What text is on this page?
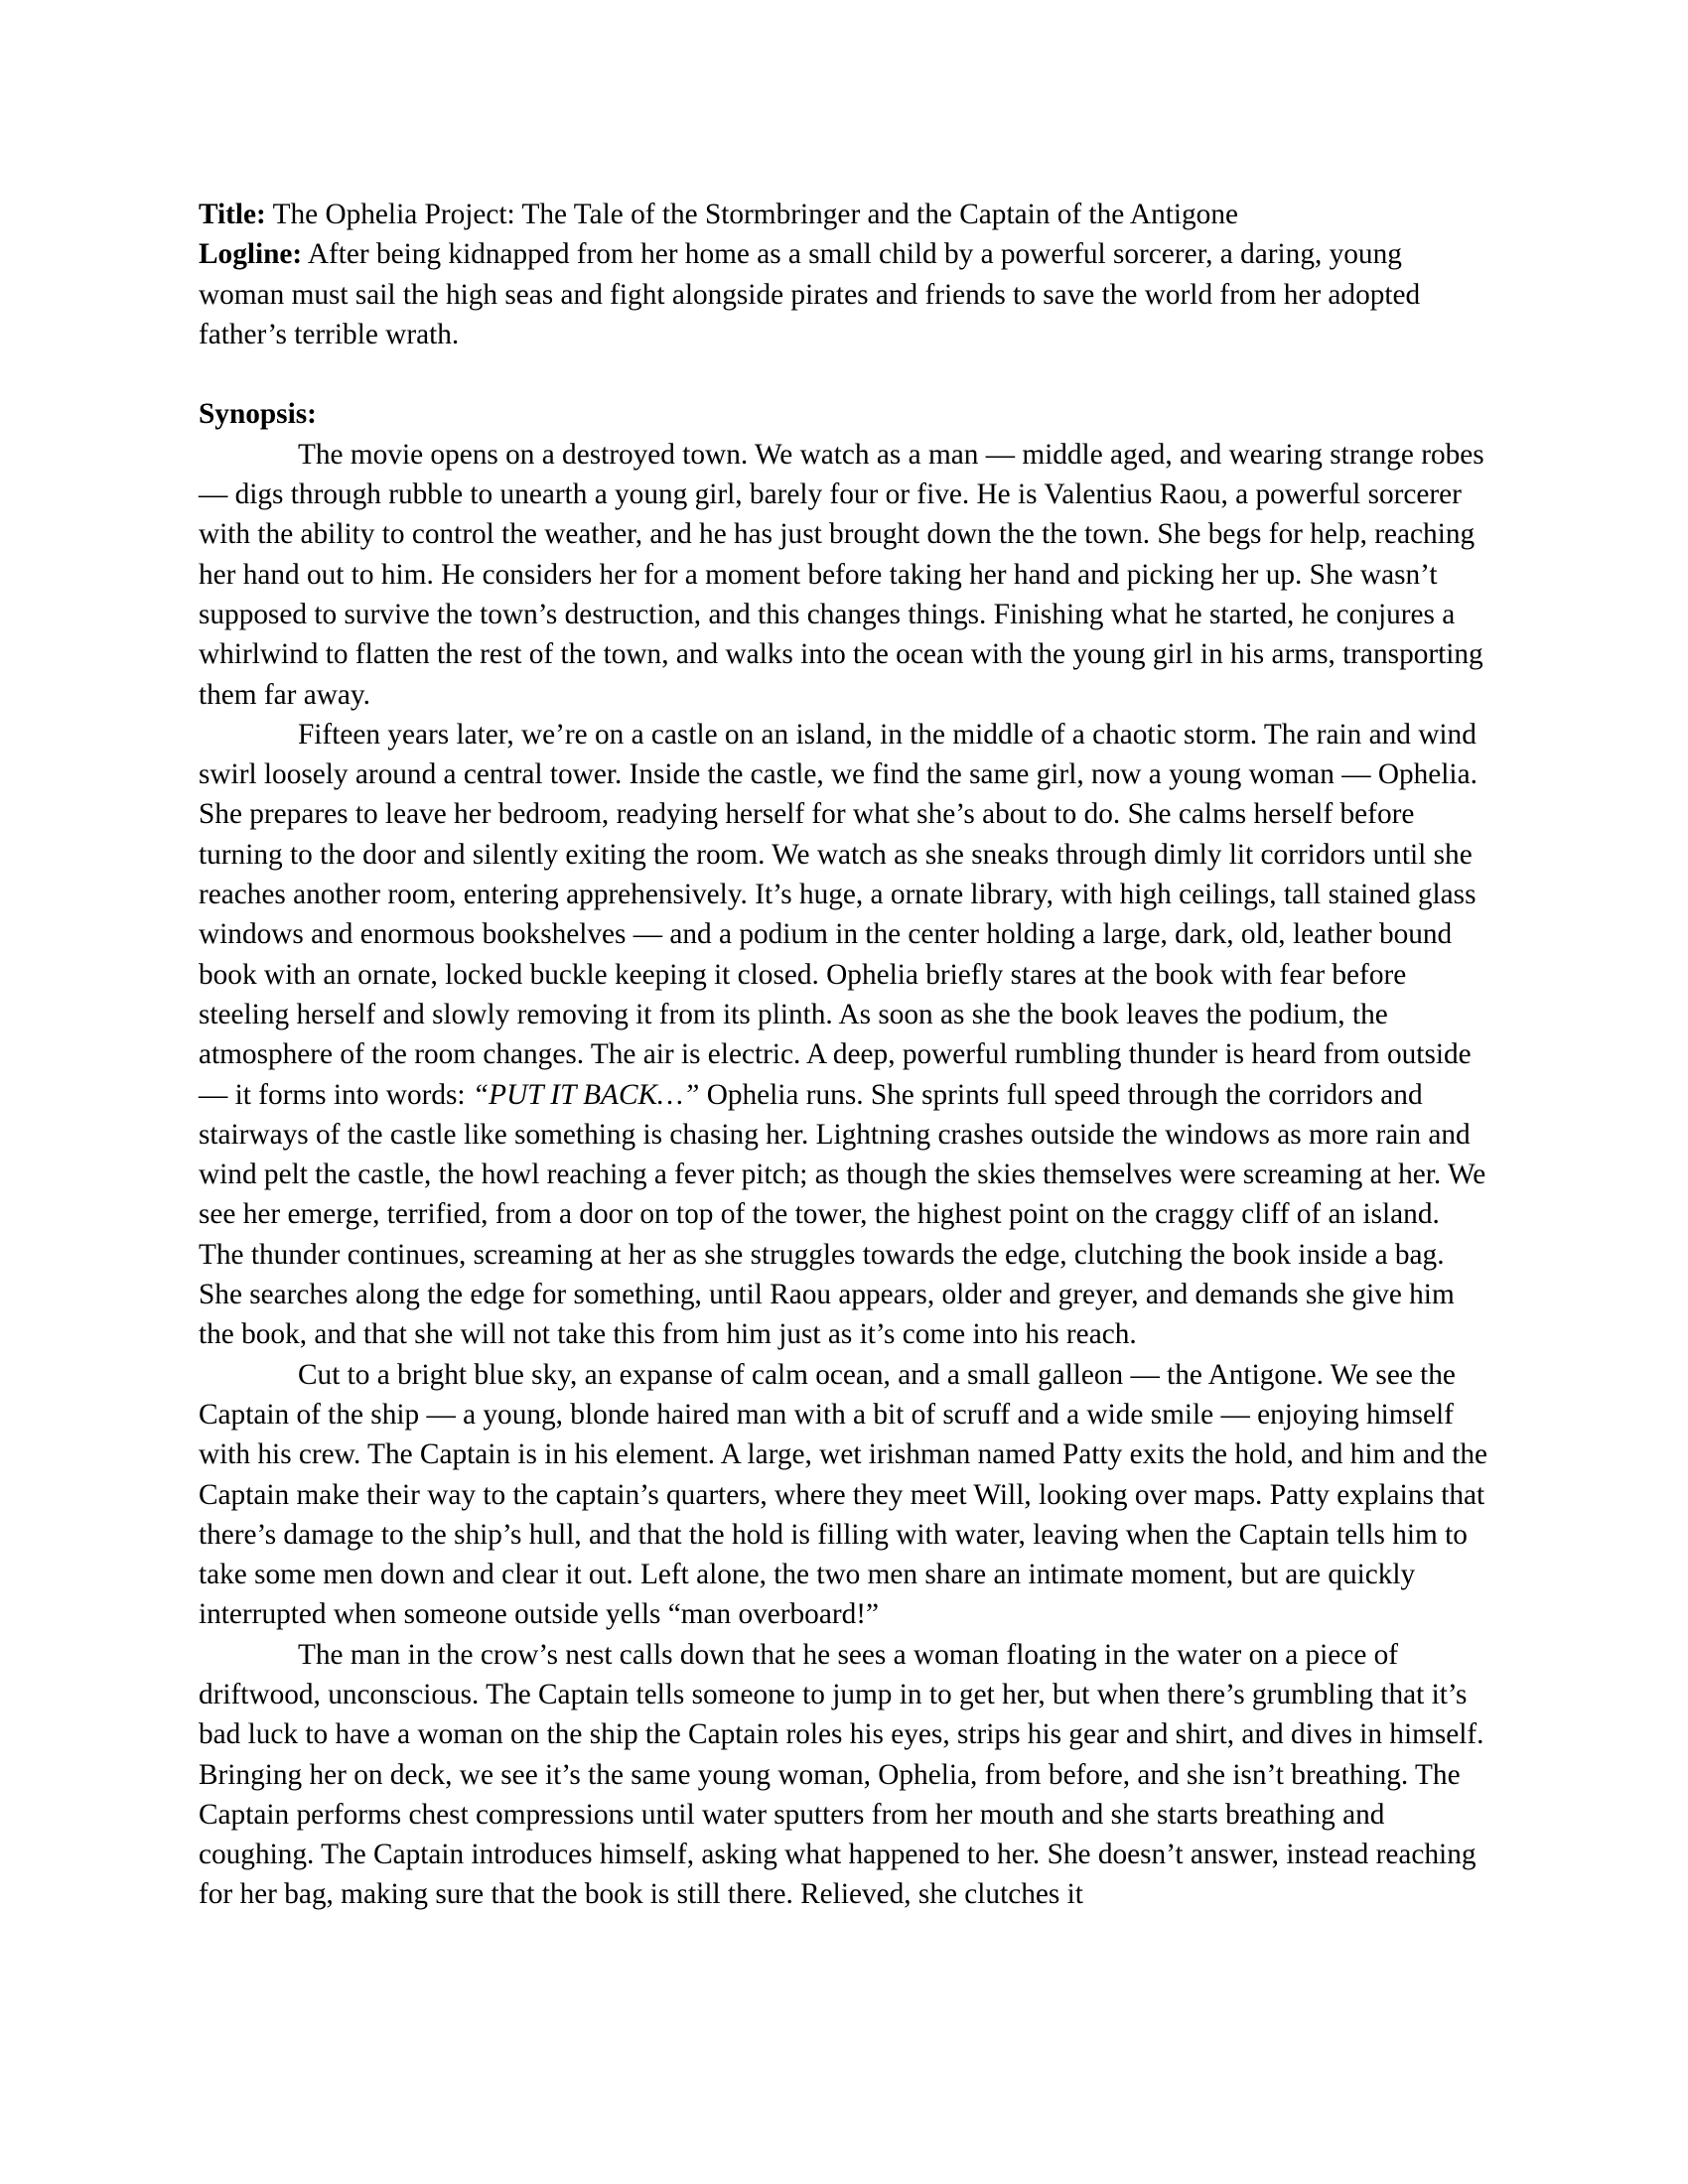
Title: The Ophelia Project: The Tale of the Stormbringer and the Captain of the Antigone

Logline: After being kidnapped from her home as a small child by a powerful sorcerer, a daring, young woman must sail the high seas and fight alongside pirates and friends to save the world from her adopted father’s terrible wrath.

Synopsis:

The movie opens on a destroyed town. We watch as a man — middle aged, and wearing strange robes — digs through rubble to unearth a young girl, barely four or five. He is Valentius Raou, a powerful sorcerer with the ability to control the weather, and he has just brought down the the town. She begs for help, reaching her hand out to him. He considers her for a moment before taking her hand and picking her up. She wasn’t supposed to survive the town’s destruction, and this changes things. Finishing what he started, he conjures a whirlwind to flatten the rest of the town, and walks into the ocean with the young girl in his arms, transporting them far away.

Fifteen years later, we’re on a castle on an island, in the middle of a chaotic storm. The rain and wind swirl loosely around a central tower. Inside the castle, we find the same girl, now a young woman — Ophelia. She prepares to leave her bedroom, readying herself for what she’s about to do. She calms herself before turning to the door and silently exiting the room. We watch as she sneaks through dimly lit corridors until she reaches another room, entering apprehensively. It’s huge, a ornate library, with high ceilings, tall stained glass windows and enormous bookshelves — and a podium in the center holding a large, dark, old, leather bound book with an ornate, locked buckle keeping it closed. Ophelia briefly stares at the book with fear before steeling herself and slowly removing it from its plinth. As soon as she the book leaves the podium, the atmosphere of the room changes. The air is electric. A deep, powerful rumbling thunder is heard from outside — it forms into words: “PUT IT BACK…” Ophelia runs. She sprints full speed through the corridors and stairways of the castle like something is chasing her. Lightning crashes outside the windows as more rain and wind pelt the castle, the howl reaching a fever pitch; as though the skies themselves were screaming at her. We see her emerge, terrified, from a door on top of the tower, the highest point on the craggy cliff of an island. The thunder continues, screaming at her as she struggles towards the edge, clutching the book inside a bag. She searches along the edge for something, until Raou appears, older and greyer, and demands she give him the book, and that she will not take this from him just as it’s come into his reach.

Cut to a bright blue sky, an expanse of calm ocean, and a small galleon — the Antigone. We see the Captain of the ship — a young, blonde haired man with a bit of scruff and a wide smile — enjoying himself with his crew. The Captain is in his element. A large, wet irishman named Patty exits the hold, and him and the Captain make their way to the captain’s quarters, where they meet Will, looking over maps. Patty explains that there’s damage to the ship’s hull, and that the hold is filling with water, leaving when the Captain tells him to take some men down and clear it out. Left alone, the two men share an intimate moment, but are quickly interrupted when someone outside yells “man overboard!”

The man in the crow’s nest calls down that he sees a woman floating in the water on a piece of driftwood, unconscious. The Captain tells someone to jump in to get her, but when there’s grumbling that it’s bad luck to have a woman on the ship the Captain roles his eyes, strips his gear and shirt, and dives in himself. Bringing her on deck, we see it’s the same young woman, Ophelia, from before, and she isn’t breathing. The Captain performs chest compressions until water sputters from her mouth and she starts breathing and coughing. The Captain introduces himself, asking what happened to her. She doesn’t answer, instead reaching for her bag, making sure that the book is still there. Relieved, she clutches it
